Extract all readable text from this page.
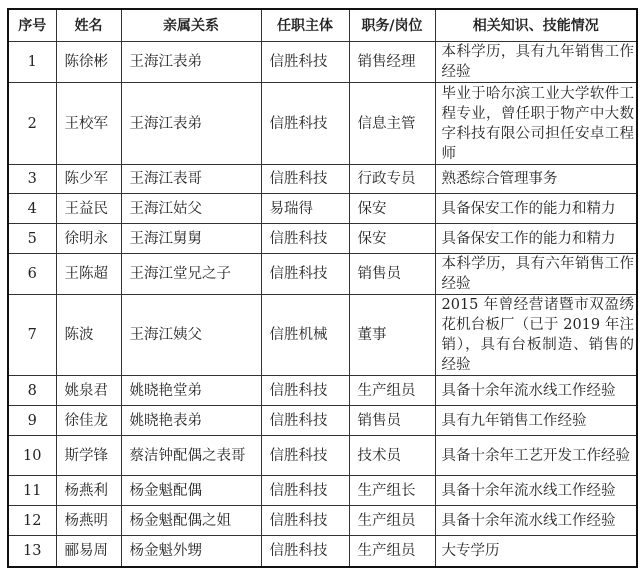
序号	姓名	亲属关系	任职主体	职务/岗位	相关知识、技能情况
1	陈徐彬	王海江表弟	信胜科技	销售经理	本科学历，具有九年销售工作经验
2	王校军	王海江表弟	信胜科技	信息主管	毕业于哈尔滨工业大学软件工程专业，曾任职于物产中大数字科技有限公司担任安卓工程师
3	陈少军	王海江表哥	信胜科技	行政专员	熟悉综合管理事务
4	王益民	王海江姑父	易瑞得	保安	具备保安工作的能力和精力
5	徐明永	王海江舅舅	信胜科技	保安	具备保安工作的能力和精力
6	王陈超	王海江堂兄之子	信胜科技	销售员	本科学历，具有六年销售工作经验
7	陈波	王海江姨父	信胜机械	董事	2015 年曾经营诸暨市双盈绣花机台板厂（已于 2019 年注销），具有台板制造、销售的经验
8	姚泉君	姚晓艳堂弟	信胜科技	生产组员	具备十余年流水线工作经验
9	徐佳龙	姚晓艳表弟	信胜科技	销售员	具有九年销售工作经验
10	斯学锋	蔡洁钟配偶之表哥	信胜科技	技术员	具备十余年工艺开发工作经验
11	杨燕利	杨金魁配偶	信胜科技	生产组长	具备十余年流水线工作经验
12	杨燕明	杨金魁配偶之姐	信胜科技	生产组员	具备十余年流水线工作经验
13	郦易周	杨金魁外甥	信胜科技	生产组员	大专学历
